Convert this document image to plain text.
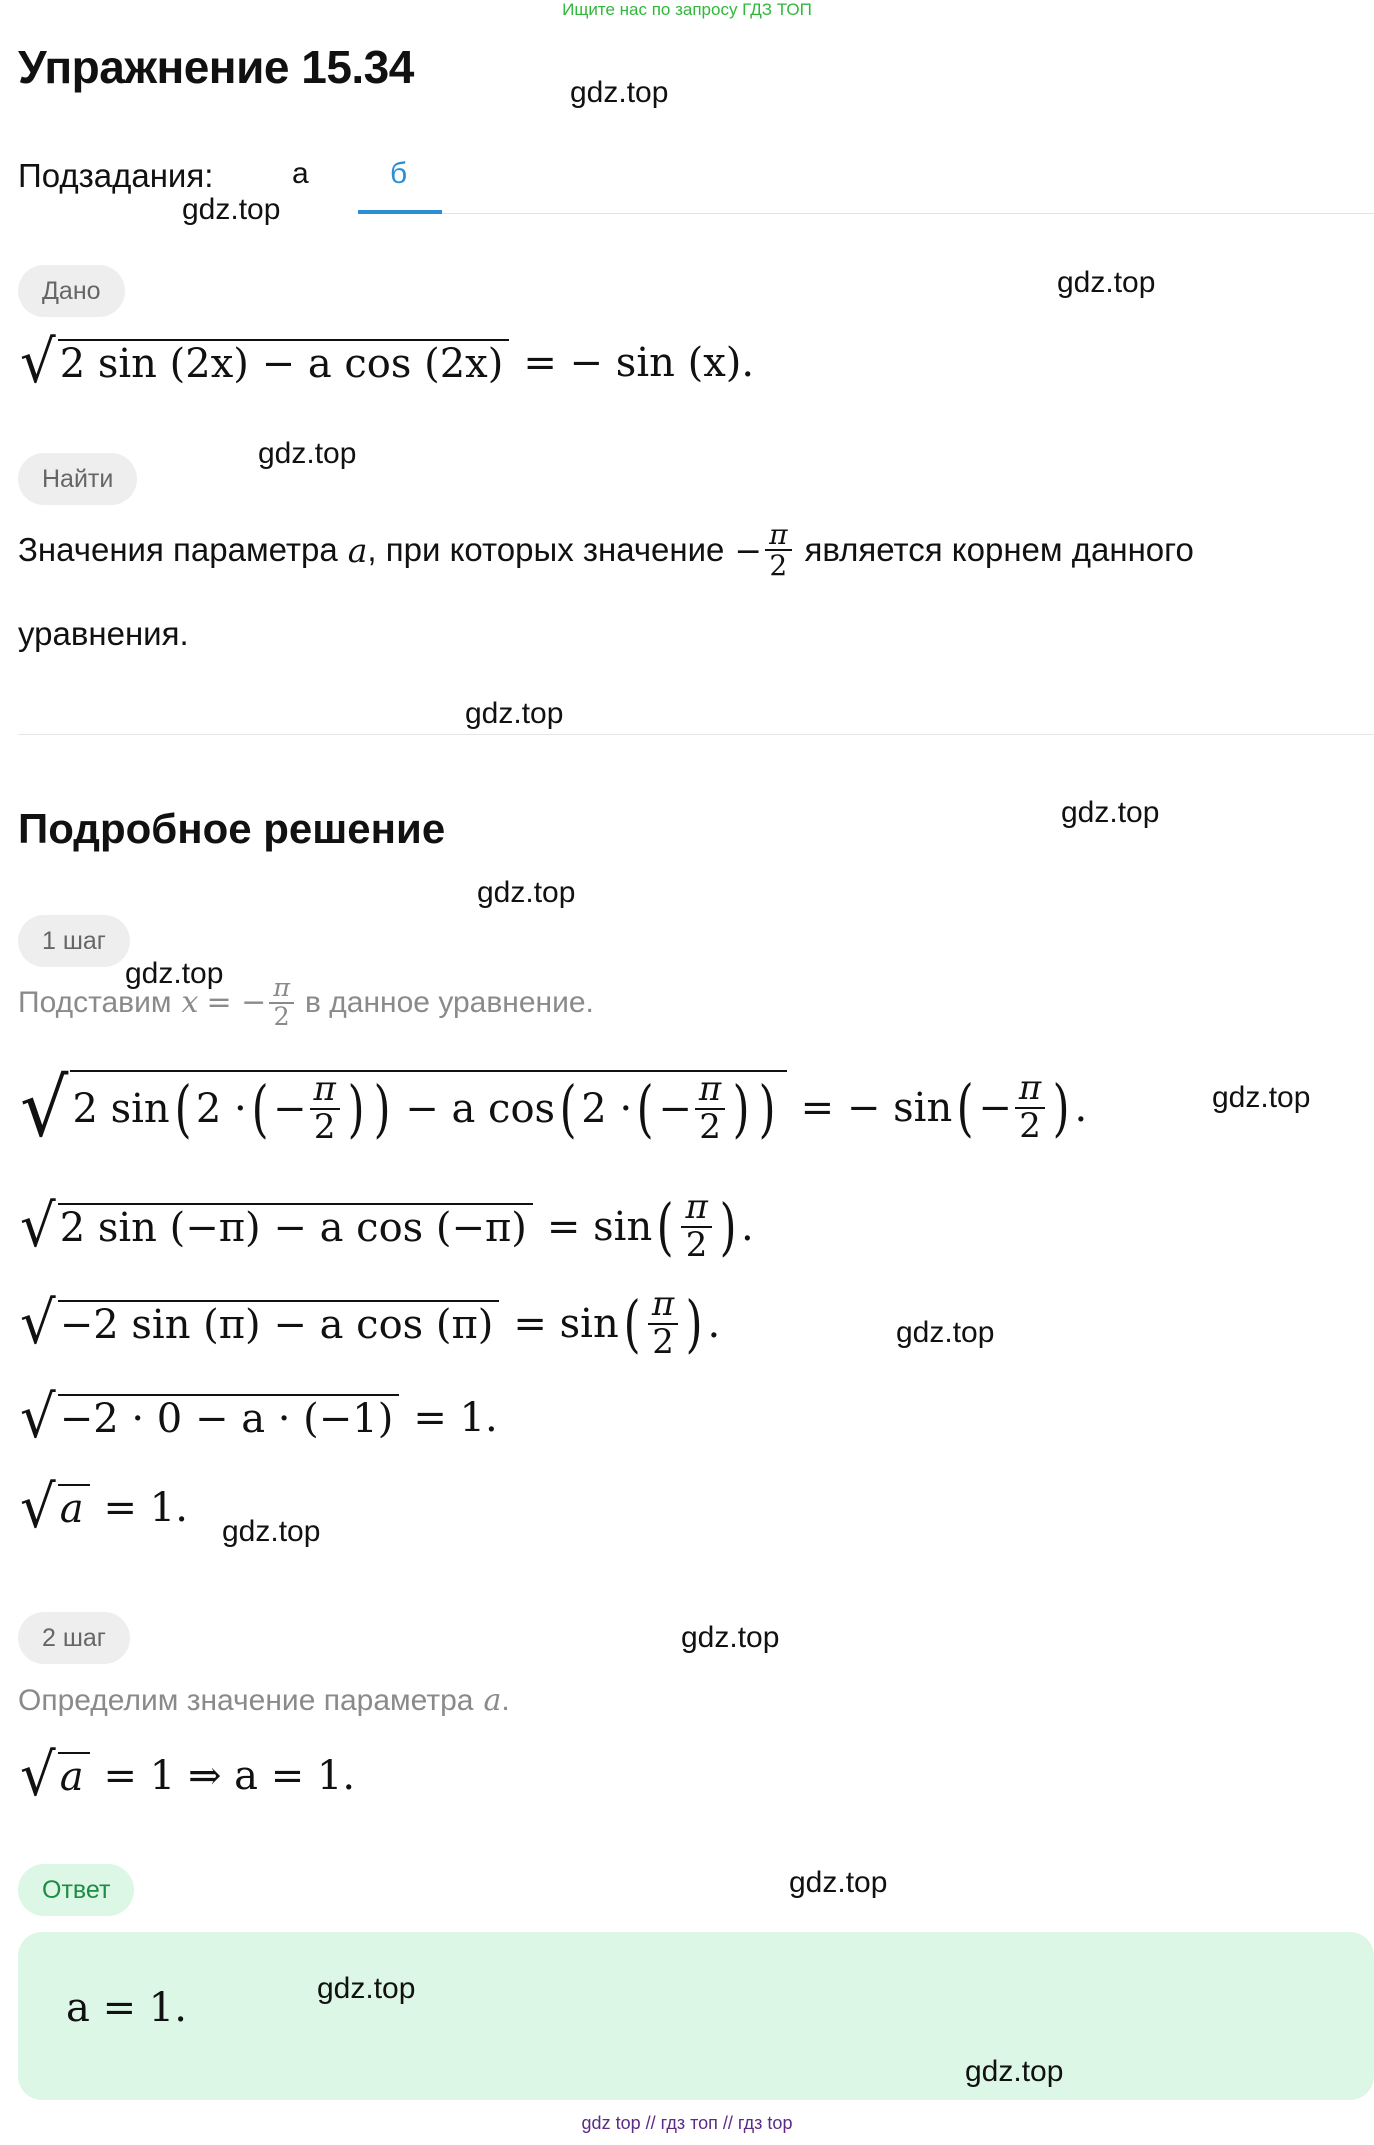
Ищите нас по запросу ГДЗ ТОП
Упражнение 15.34
Подзадания:	а	б
Дано
√ 2 sin (2x) − a cos (2x) = − sin (x).
Найти
Значения параметра a , при которых значение − $\frac{\pi}{2}$ является корнем данного
уравнения.
Подробное решение
1 шаг
Подставим x = − $\frac{\pi}{2}$ в данное уравнение.
√ 2 sin ( 2 · ( − $\frac{\pi}{2}$ ) ) − a cos ( 2 · ( − $\frac{\pi}{2}$ ) ) = − sin ( − $\frac{\pi}{2}$ ) .
√ 2 sin (−π) − a cos (−π) = sin ( $\frac{\pi}{2}$ ) .
√ −2 sin (π) − a cos (π) = sin ( $\frac{\pi}{2}$ ) .
√ −2 · 0 − a · (−1) = 1.
√ a = 1.
2 шаг
Определим значение параметра a .
√ a = 1 ⇒ a = 1.
Ответ
a = 1.
gdz.top
gdz.top
gdz.top
gdz.top
gdz.top
gdz.top
gdz.top
gdz.top
gdz.top
gdz.top
gdz.top
gdz.top
gdz.top
gdz.top
gdz.top
gdz top // гдз топ // гдз top
